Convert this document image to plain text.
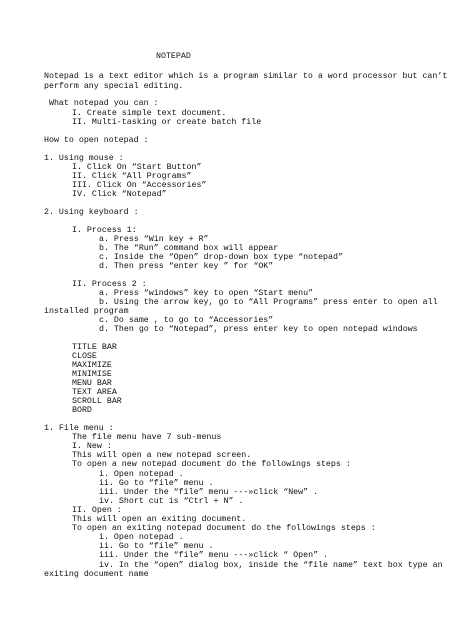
NOTEPAD
Notepad is a text editor which is a program similar to a word processor but can’t
perform any special editing.
What notepad you can :
I. Create simple text document.
II. Multi-tasking or create batch file
How to open notepad :
1. Using mouse :
I. Click On “Start Button”
II. Click “All Programs”
III. Click On “Accessories”
IV. Click “Notepad”
2. Using keyboard :
I. Process 1:
a. Press “Win key + R”
b. The “Run” command box will appear
c. Inside the “Open” drop-down box type “notepad”
d. Then press “enter key ” for “OK”
II. Process 2 :
a. Press “windows” key to open “Start menu”
b. Using the arrow key, go to “All Programs” press enter to open all
installed program
c. Do same , to go to “Accessories”
d. Then go to “Notepad”, press enter key to open notepad windows
TITLE BAR
CLOSE
MAXIMIZE
MINIMISE
MENU BAR
TEXT AREA
SCROLL BAR
BORD
1. File menu :
The file menu have 7 sub-menus
I. New :
This will open a new notepad screen.
To open a new notepad document do the followings steps :
i. Open notepad .
ii. Go to “file” menu .
iii. Under the “file” menu ---»click “New” .
iv. Short cut is “Ctrl + N” .
II. Open :
This will open an exiting document.
To open an exiting notepad document do the followings steps :
i. Open notepad .
ii. Go to “file” menu .
iii. Under the “file” menu ---»click “ Open” .
iv. In the “open” dialog box, inside the “file name” text box type an
exiting document name
